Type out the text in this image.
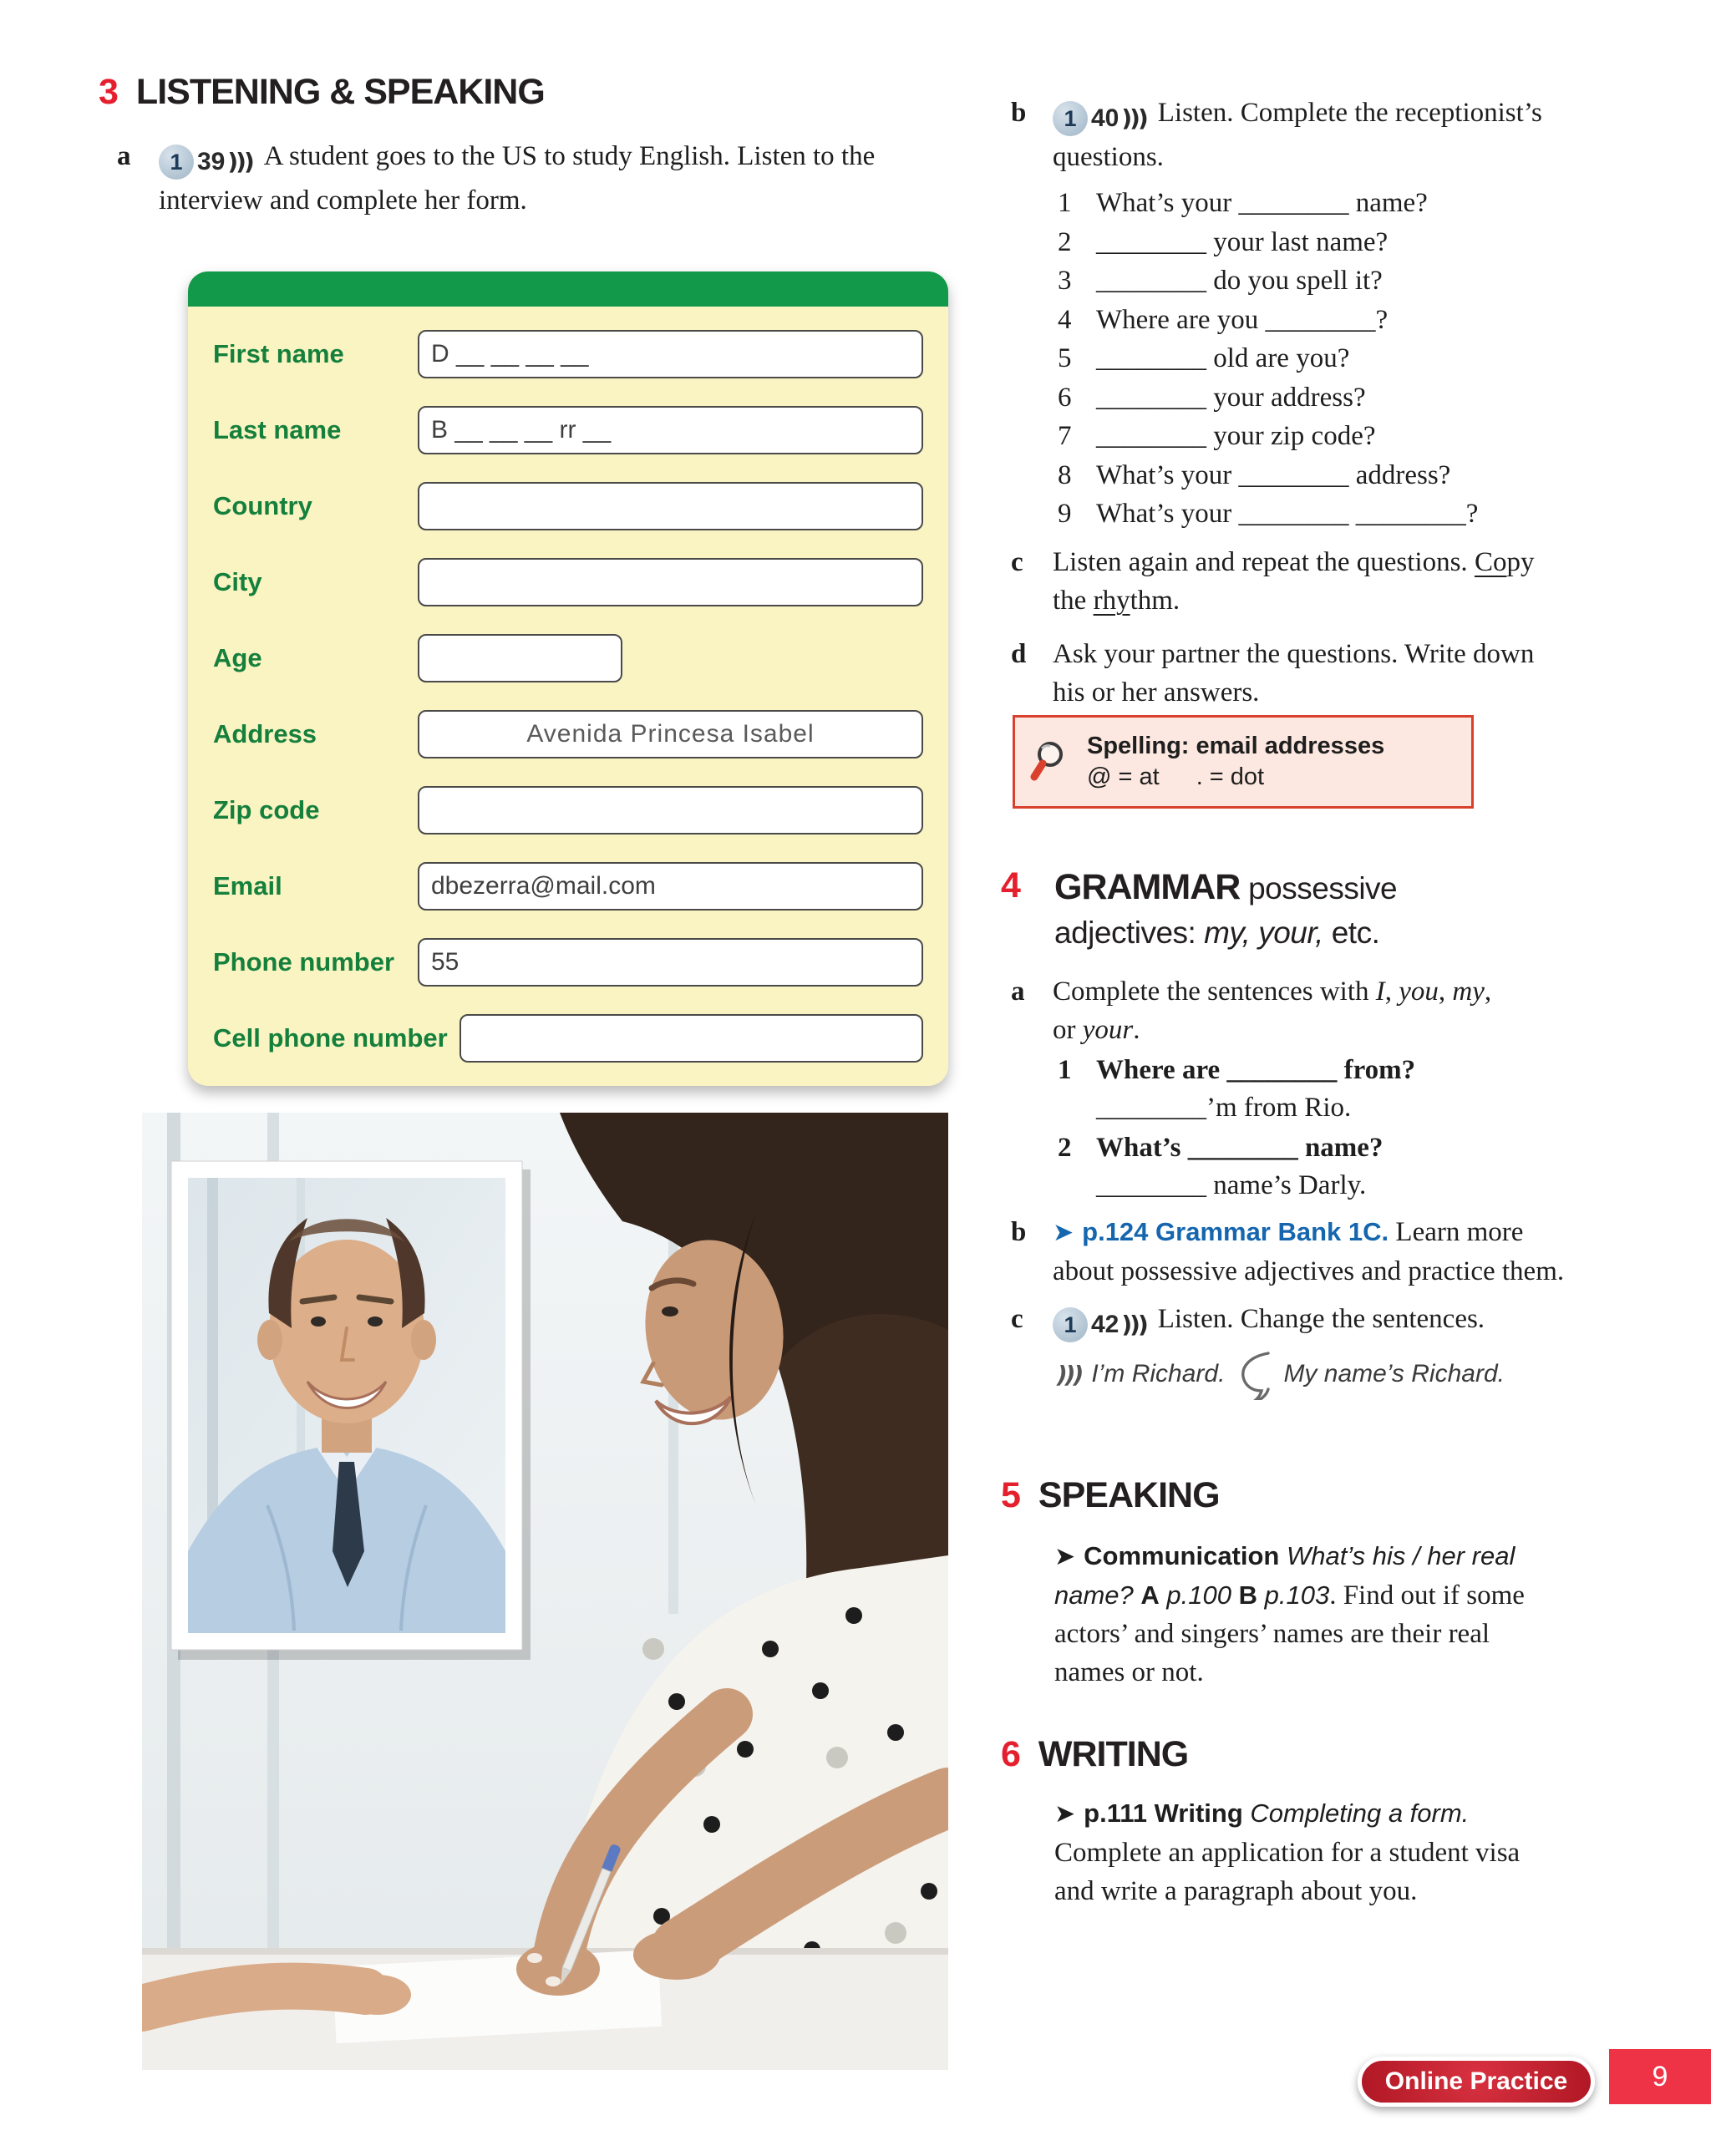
3 LISTENING & SPEAKING
a	1 39 ))) A student goes to the US to study English. Listen to the
interview and complete her form.
First name	D __ __ __ __
Last name	B __ __ __ rr __
Country
City
Age
Address	Avenida Princesa Isabel
Zip code
Email	dbezerra@mail.com
Phone number	55
Cell phone number
b	1 40 ))) Listen. Complete the receptionist’s
questions.
1 What’s your ________ name?
2 ________ your last name?
3 ________ do you spell it?
4 Where are you ________?
5 ________ old are you?
6 ________ your address?
7 ________ your zip code?
8 What’s your ________ address?
9 What’s your ________ ________?
c	Listen again and repeat the questions. Copy
the rhythm.
d Ask your partner the questions. Write down
his or her answers.
Spelling: email addresses
@ = at . = dot
4 GRAMMAR possessive
adjectives: my, your, etc.
a	Complete the sentences with I, you, my,
or your.
1 Where are ________ from?
________’m from Rio.
2 What’s ________ name?
________ name’s Darly.
b	➤ p.124 Grammar Bank 1C. Learn more
about possessive adjectives and practice them.
c	1 42 ))) Listen. Change the sentences.
))) I’m Richard. My name’s Richard.
5 SPEAKING
➤ Communication What’s his / her real
name? A p.100 B p.103. Find out if some
actors’ and singers’ names are their real
names or not.
6 WRITING
➤ p.111 Writing Completing a form.
Complete an application for a student visa
and write a paragraph about you.
Online Practice	9
